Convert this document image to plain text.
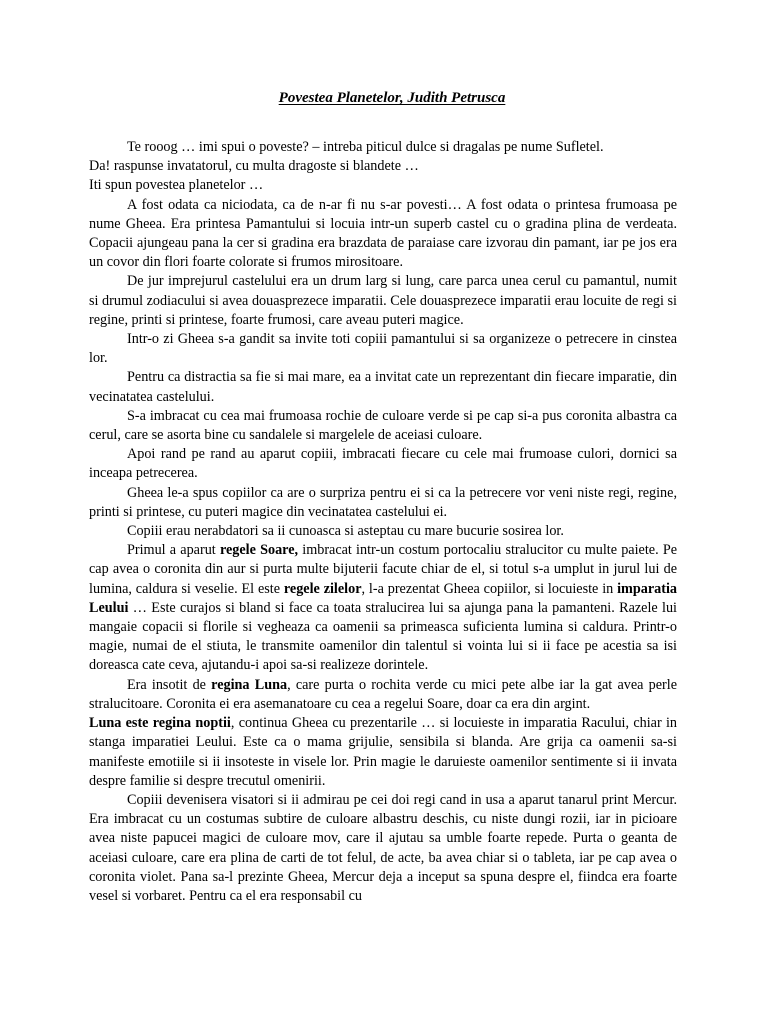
Povestea Planetelor, Judith Petrusca

Te rooog … imi spui o poveste? – intreba piticul dulce si dragalas pe nume Sufletel.

Da! raspunse invatatorul, cu multa dragoste si blandete …

Iti spun povestea planetelor …

A fost odata ca niciodata, ca de n-ar fi nu s-ar povesti… A fost odata o printesa frumoasa pe nume Gheea. Era printesa Pamantului si locuia intr-un superb castel cu o gradina plina de verdeata. Copacii ajungeau pana la cer si gradina era brazdata de paraiase care izvorau din pamant, iar pe jos era un covor din flori foarte colorate si frumos mirositoare.

De jur imprejurul castelului era un drum larg si lung, care parca unea cerul cu pamantul, numit si drumul zodiacului si avea douasprezece imparatii. Cele douasprezece imparatii erau locuite de regi si regine, printi si printese, foarte frumosi, care aveau puteri magice.

Intr-o zi Gheea s-a gandit sa invite toti copiii pamantului si sa organizeze o petrecere in cinstea lor.

Pentru ca distractia sa fie si mai mare, ea a invitat cate un reprezentant din fiecare imparatie, din vecinatatea castelului.

S-a imbracat cu cea mai frumoasa rochie de culoare verde si pe cap si-a pus coronita albastra ca cerul, care se asorta bine cu sandalele si margelele de aceiasi culoare.

Apoi rand pe rand au aparut copiii, imbracati fiecare cu cele mai frumoase culori, dornici sa inceapa petrecerea.

Gheea le-a spus copiilor ca are o surpriza pentru ei si ca la petrecere vor veni niste regi, regine, printi si printese, cu puteri magice din vecinatatea castelului ei.

Copiii erau nerabdatori sa ii cunoasca si asteptau cu mare bucurie sosirea lor.

Primul a aparut regele Soare, imbracat intr-un costum portocaliu stralucitor cu multe paiete. Pe cap avea o coronita din aur si purta multe bijuterii facute chiar de el, si totul s-a umplut in jurul lui de lumina, caldura si veselie. El este regele zilelor, l-a prezentat Gheea copiilor, si locuieste in imparatia Leului … Este curajos si bland si face ca toata stralucirea lui sa ajunga pana la pamanteni. Razele lui mangaie copacii si florile si vegheaza ca oamenii sa primeasca suficienta lumina si caldura. Printr-o magie, numai de el stiuta, le transmite oamenilor din talentul si vointa lui si ii face pe acestia sa isi doreasca cate ceva, ajutandu-i apoi sa-si realizeze dorintele.

Era insotit de regina Luna, care purta o rochita verde cu mici pete albe iar la gat avea perle stralucitoare. Coronita ei era asemanatoare cu cea a regelui Soare, doar ca era din argint.

Luna este regina noptii, continua Gheea cu prezentarile … si locuieste in imparatia Racului, chiar in stanga imparatiei Leului. Este ca o mama grijulie, sensibila si blanda. Are grija ca oamenii sa-si manifeste emotiile si ii insoteste in visele lor. Prin magie le daruieste oamenilor sentimente si ii invata despre familie si despre trecutul omenirii.

Copiii devenisera visatori si ii admirau pe cei doi regi cand in usa a aparut tanarul print Mercur. Era imbracat cu un costumas subtire de culoare albastru deschis, cu niste dungi rozii, iar in picioare avea niste papucei magici de culoare mov, care il ajutau sa umble foarte repede. Purta o geanta de aceiasi culoare, care era plina de carti de tot felul, de acte, ba avea chiar si o tableta, iar pe cap avea o coronita violet. Pana sa-l prezinte Gheea, Mercur deja a inceput sa spuna despre el, fiindca era foarte vesel si vorbaret. Pentru ca el era responsabil cu
